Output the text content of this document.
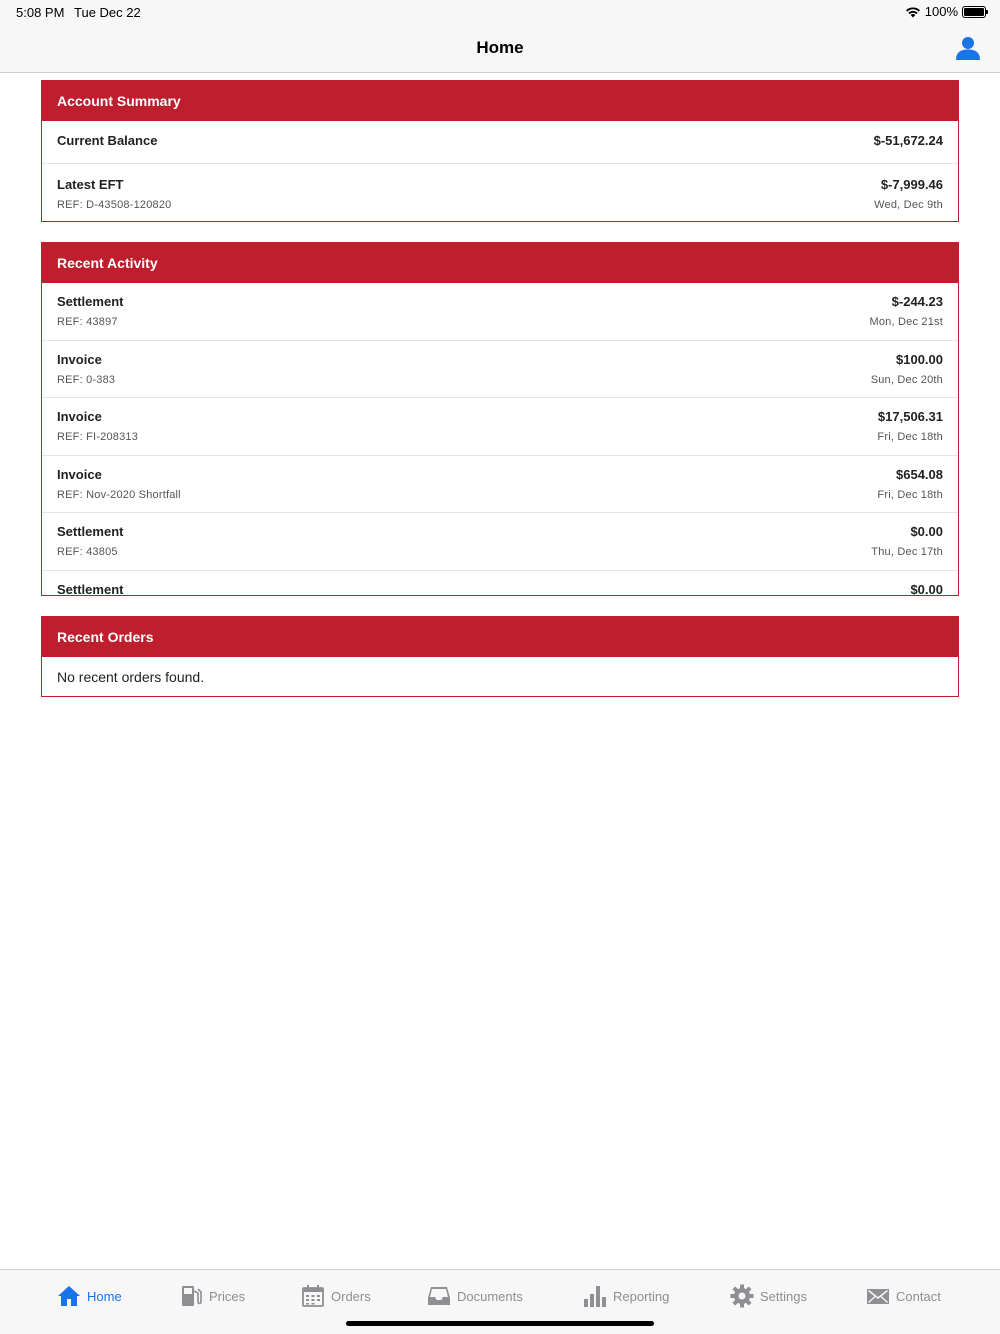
5:08 PM Tue Dec 22	100%
Home
Account Summary
Current Balance	$-51,672.24
Latest EFT	$-7,999.46
REF: D-43508-120820	Wed, Dec 9th
Recent Activity
Settlement	$-244.23
REF: 43897	Mon, Dec 21st
Invoice	$100.00
REF: 0-383	Sun, Dec 20th
Invoice	$17,506.31
REF: FI-208313	Fri, Dec 18th
Invoice	$654.08
REF: Nov-2020 Shortfall	Fri, Dec 18th
Settlement	$0.00
REF: 43805	Thu, Dec 17th
Settlement	$0.00
Recent Orders
No recent orders found.
Home	Prices	Orders	Documents	Reporting	Settings	Contact
